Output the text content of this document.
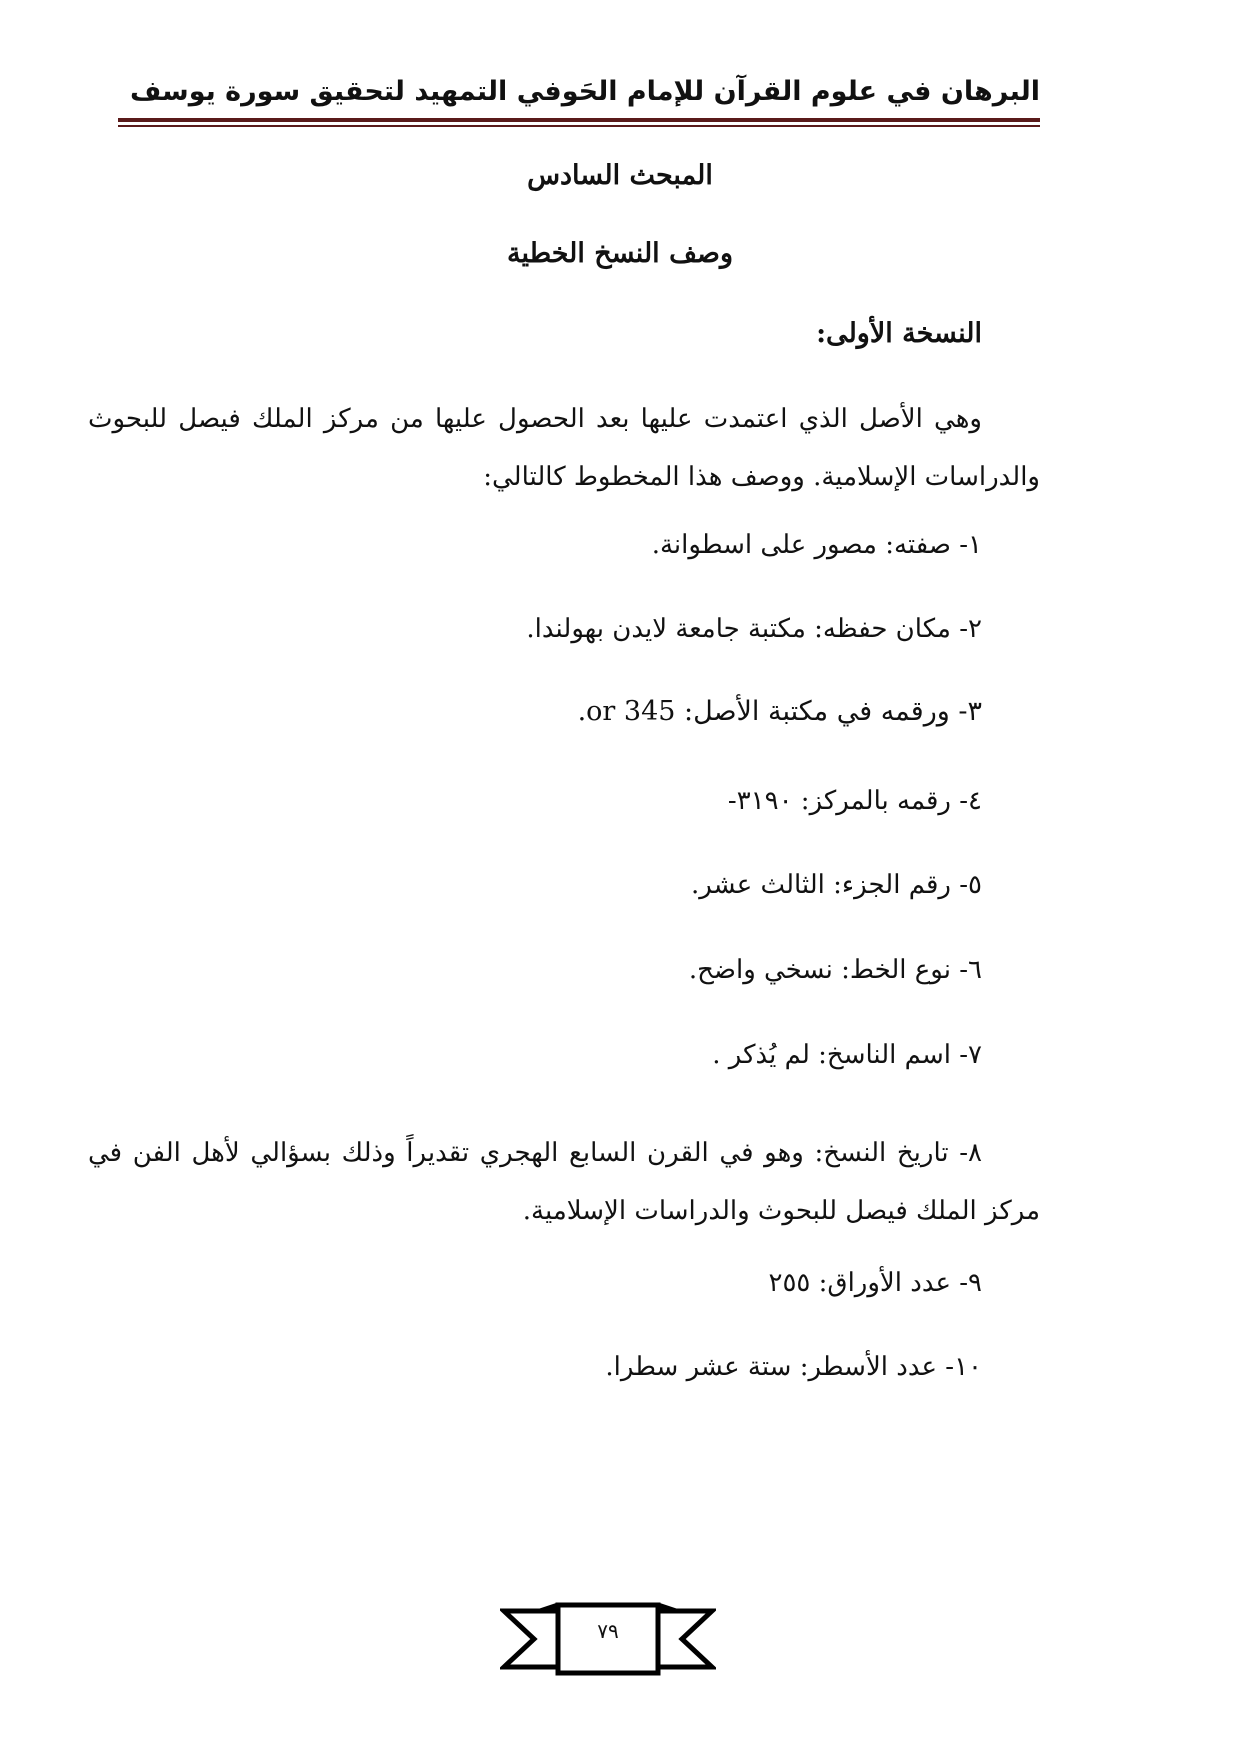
البرهان في علوم القرآن للإمام الحَوفي
التمهيد لتحقيق سورة يوسف
المبحث السادس
وصف النسخ الخطية
النسخة الأولى:
وهي الأصل الذي اعتمدت عليها بعد الحصول عليها من مركز الملك فيصل للبحوث والدراسات الإسلامية. ووصف هذا المخطوط كالتالي:
١- صفته: مصور على اسطوانة.
٢- مكان حفظه: مكتبة جامعة لايدن بهولندا.
٣- ورقمه في مكتبة الأصل: or 345.
٤- رقمه بالمركز: ٣١٩٠-
٥- رقم الجزء: الثالث عشر.
٦- نوع الخط: نسخي واضح.
٧- اسم الناسخ: لم يُذكر .
٨- تاريخ النسخ: وهو في القرن السابع الهجري تقديراً وذلك بسؤالي لأهل الفن في مركز الملك فيصل للبحوث والدراسات الإسلامية.
٩- عدد الأوراق: ٢٥٥
١٠- عدد الأسطر: ستة عشر سطرا.
٧٩
